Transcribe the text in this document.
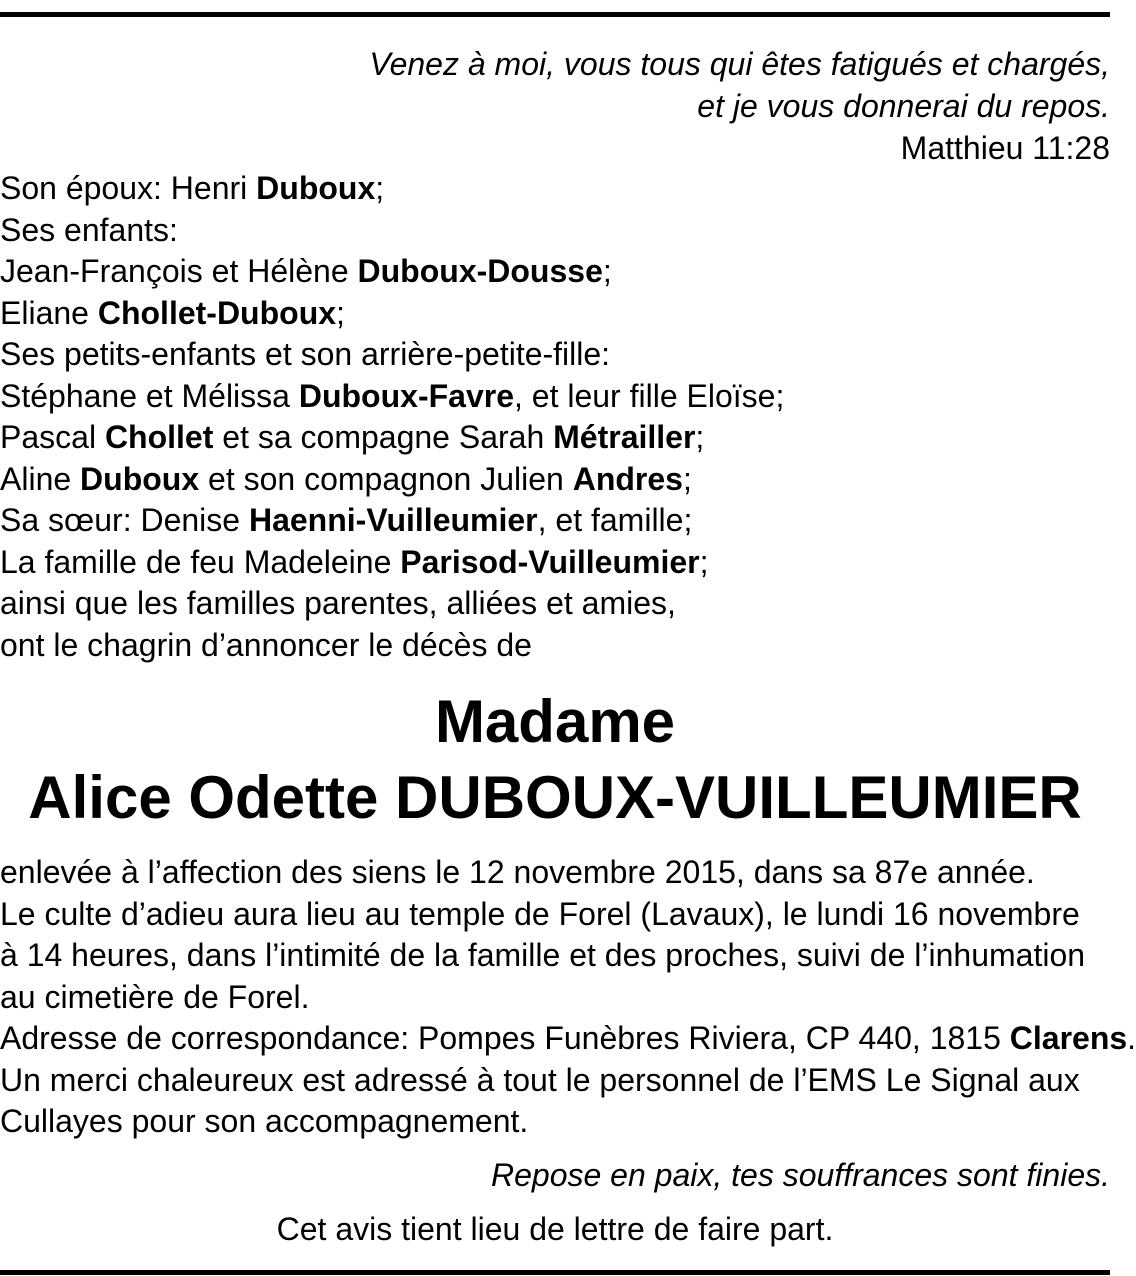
Venez à moi, vous tous qui êtes fatigués et chargés,
et je vous donnerai du repos.
Matthieu 11:28
Son époux: Henri Duboux;
Ses enfants:
Jean-François et Hélène Duboux-Dousse;
Eliane Chollet-Duboux;
Ses petits-enfants et son arrière-petite-fille:
Stéphane et Mélissa Duboux-Favre, et leur fille Eloïse;
Pascal Chollet et sa compagne Sarah Métrailler;
Aline Duboux et son compagnon Julien Andres;
Sa sœur: Denise Haenni-Vuilleumier, et famille;
La famille de feu Madeleine Parisod-Vuilleumier;
ainsi que les familles parentes, alliées et amies,
ont le chagrin d’annoncer le décès de
Madame
Alice Odette DUBOUX-VUILLEUMIER
enlevée à l’affection des siens le 12 novembre 2015, dans sa 87e année.
Le culte d’adieu aura lieu au temple de Forel (Lavaux), le lundi 16 novembre
à 14 heures, dans l’intimité de la famille et des proches, suivi de l’inhumation
au cimetière de Forel.
Adresse de correspondance: Pompes Funèbres Riviera, CP 440, 1815 Clarens.
Un merci chaleureux est adressé à tout le personnel de l’EMS Le Signal aux
Cullayes pour son accompagnement.
Repose en paix, tes souffrances sont finies.
Cet avis tient lieu de lettre de faire part.
